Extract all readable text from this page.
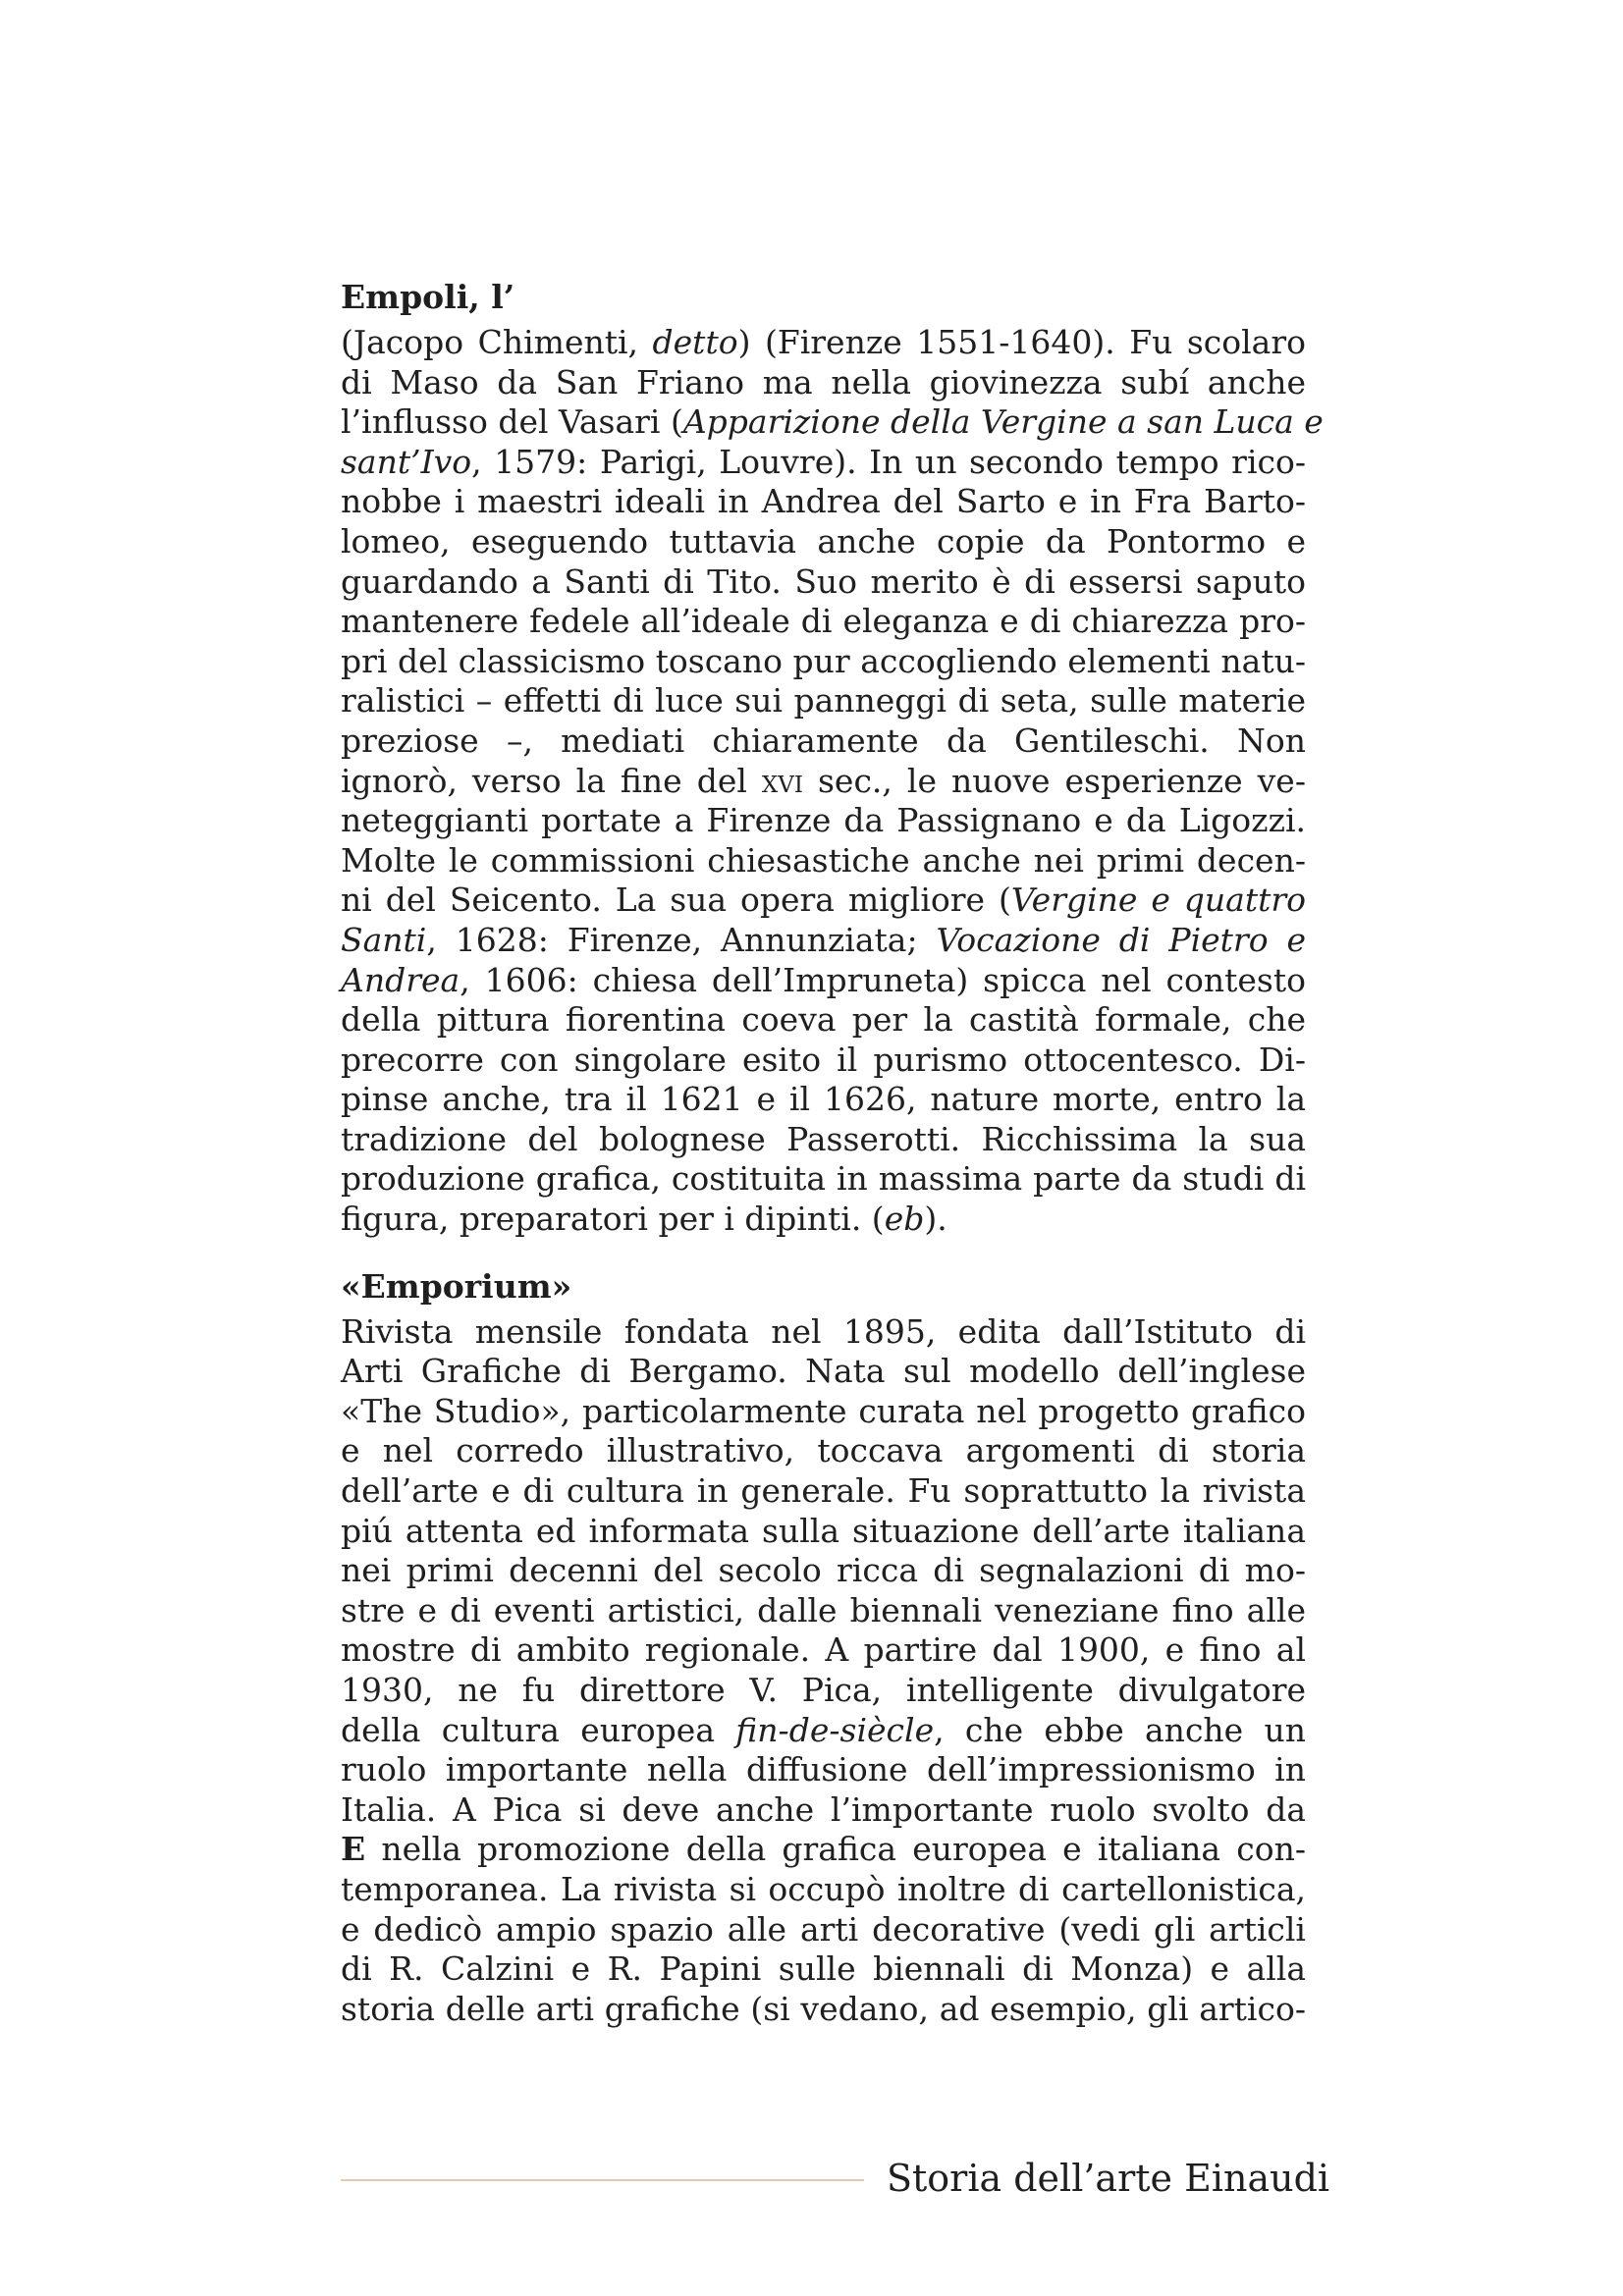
Empoli, l’

(Jacopo Chimenti, detto) (Firenze 1551-1640). Fu scolaro
di Maso da San Friano ma nella giovinezza subí anche
l’influsso del Vasari (Apparizione della Vergine a san Luca e
sant’Ivo, 1579: Parigi, Louvre). In un secondo tempo rico-
nobbe i maestri ideali in Andrea del Sarto e in Fra Barto-
lomeo, eseguendo tuttavia anche copie da Pontormo e
guardando a Santi di Tito. Suo merito è di essersi saputo
mantenere fedele all’ideale di eleganza e di chiarezza pro-
pri del classicismo toscano pur accogliendo elementi natu-
ralistici – effetti di luce sui panneggi di seta, sulle materie
preziose –, mediati chiaramente da Gentileschi. Non
ignorò, verso la fine del xvi sec., le nuove esperienze ve-
neteggianti portate a Firenze da Passignano e da Ligozzi.
Molte le commissioni chiesastiche anche nei primi decen-
ni del Seicento. La sua opera migliore (Vergine e quattro
Santi, 1628: Firenze, Annunziata; Vocazione di Pietro e
Andrea, 1606: chiesa dell’Impruneta) spicca nel contesto
della pittura fiorentina coeva per la castità formale, che
precorre con singolare esito il purismo ottocentesco. Di-
pinse anche, tra il 1621 e il 1626, nature morte, entro la
tradizione del bolognese Passerotti. Ricchissima la sua
produzione grafica, costituita in massima parte da studi di
figura, preparatori per i dipinti. (eb).

«Emporium»

Rivista mensile fondata nel 1895, edita dall’Istituto di
Arti Grafiche di Bergamo. Nata sul modello dell’inglese
«The Studio», particolarmente curata nel progetto grafico
e nel corredo illustrativo, toccava argomenti di storia
dell’arte e di cultura in generale. Fu soprattutto la rivista
piú attenta ed informata sulla situazione dell’arte italiana
nei primi decenni del secolo ricca di segnalazioni di mo-
stre e di eventi artistici, dalle biennali veneziane fino alle
mostre di ambito regionale. A partire dal 1900, e fino al
1930, ne fu direttore V. Pica, intelligente divulgatore
della cultura europea fin-de-siècle, che ebbe anche un
ruolo importante nella diffusione dell’impressionismo in
Italia. A Pica si deve anche l’importante ruolo svolto da
E nella promozione della grafica europea e italiana con-
temporanea. La rivista si occupò inoltre di cartellonistica,
e dedicò ampio spazio alle arti decorative (vedi gli articli
di R. Calzini e R. Papini sulle biennali di Monza) e alla
storia delle arti grafiche (si vedano, ad esempio, gli artico-

Storia dell’arte Einaudi
